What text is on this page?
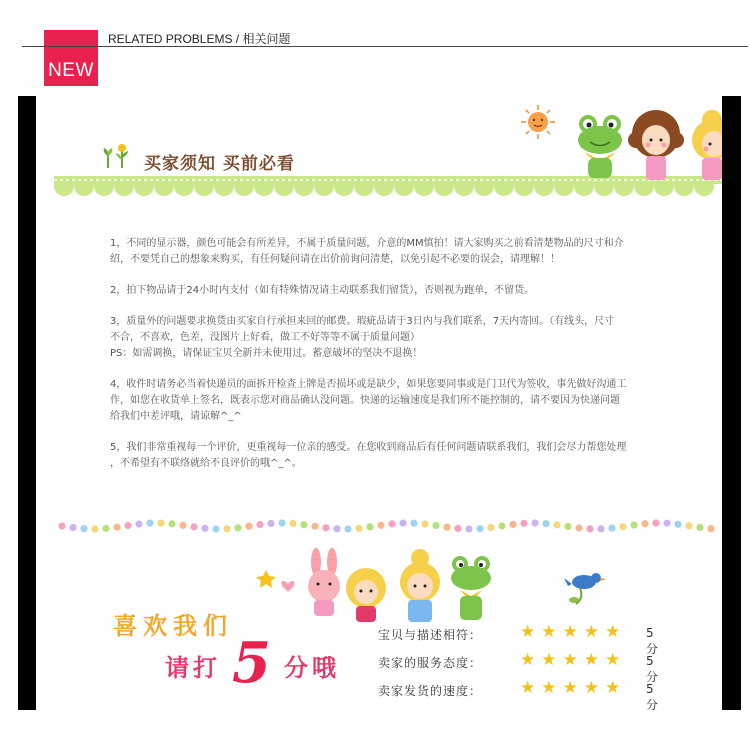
NEW
RELATED PROBLEMS / 相关问题
买家须知 买前必看

1，不同的显示器，颜色可能会有所差异，不属于质量问题，介意的MM慎拍！请大家购买之前看清楚物品的尺寸和介
绍，不要凭自己的想象来购买，有任何疑问请在出价前询问清楚，以免引起不必要的误会，请理解！！

2，拍下物品请于24小时内支付（如有特殊情况请主动联系我们留货），否则视为跑单，不留货。

3，质量外的问题要求换货由买家自行承担来回的邮费。瑕疵品请于3日内与我们联系，7天内寄回。（有线头，尺寸
不合，不喜欢，色差，没图片上好看，做工不好等等不属于质量问题）
PS：如需调换，请保证宝贝全新并未使用过。蓄意破坏的坚决不退换！

4，收件时请务必当着快递员的面拆开检查上牌是否损坏或是缺少，如果您要同事或是门卫代为签收，事先做好沟通工
作，如您在收货单上签名，既表示您对商品确认没问题。快递的运输速度是我们所不能控制的，请不要因为快递问题
给我们中差评哦，请谅解^_^

5，我们非常重视每一个评价，更重视每一位亲的感受。在您收到商品后有任何问题请联系我们，我们会尽力帮您处理
，不希望有不联络就给不良评价的哦^_^。

喜欢我们
请打 5 分哦
宝贝与描述相符：	★★★★★ 5分
卖家的服务态度：	★★★★★ 5分
卖家发货的速度：	★★★★★ 5分
